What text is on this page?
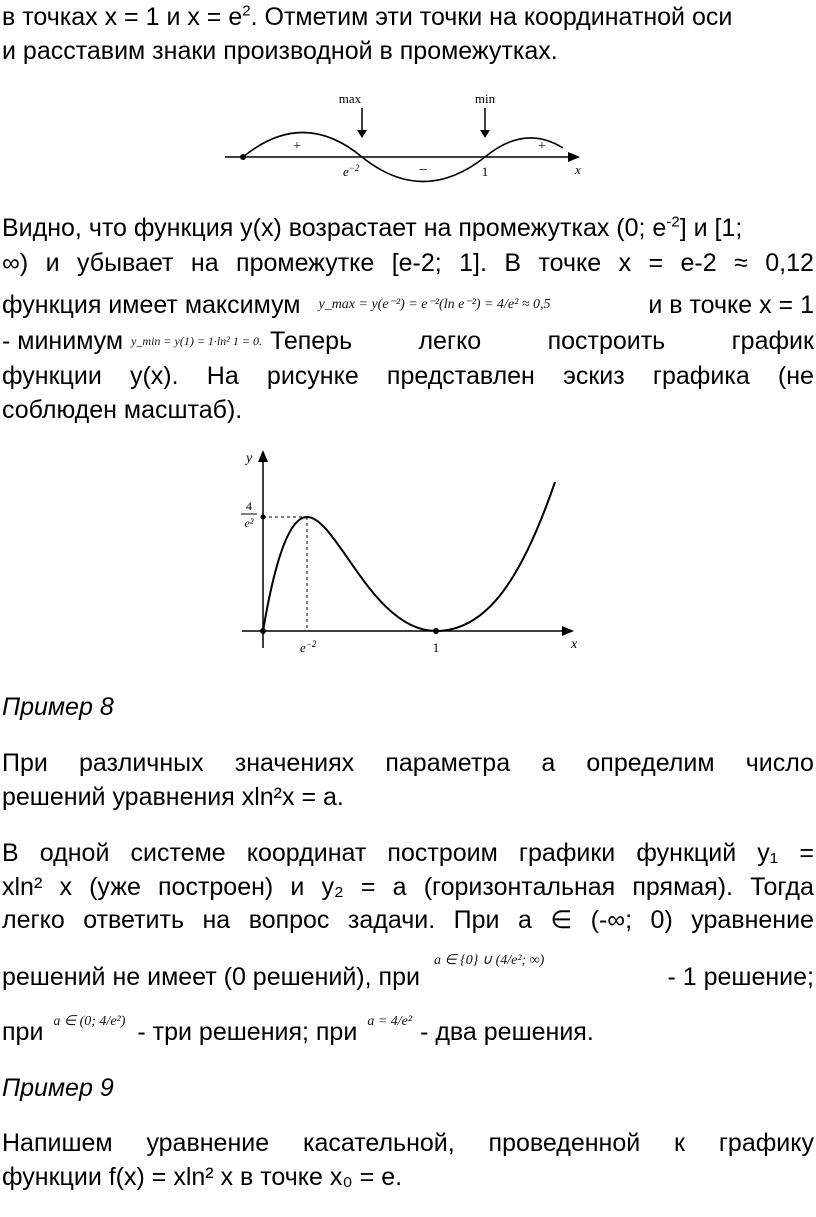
в точках x = 1 и $x = e^2$. Отметим эти точки на координатной оси
и расставим знаки производной в промежутках.
max	min
+
−
+
$e^{-2}$	1	x
Видно, что функция y(x) возрастает на промежутках (0; $e^{-2}$] и [1;
∞) и убывает на промежутке [e-2; 1]. В точке x = e-2 ≈ 0,12
функция имеет максимум y_max = y(e⁻²) = e⁻²(ln e⁻²) = 4/e² ≈ 0,5	и в точке x = 1
- минимум y_min = y(1) = 1·ln² 1 = 0. Теперь	легко	построить	график
функции y(x). На рисунке представлен эскиз графика (не
соблюден масштаб).
y
x
4
e²
$e^{-2}$	1
Пример 8
При различных значениях параметра a определим число
решений уравнения xln²x = a.
В одной системе координат построим графики функций y₁ =
xln² x (уже построен) и y₂ = a (горизонтальная прямая). Тогда
легко ответить на вопрос задачи. При a ∈ (-∞; 0) уравнение
решений не имеет (0 решений), при
a ∈ {0} ∪ (4/e²; ∞)
- 1 решение;
при a ∈ (0; 4/e²) - три решения; при a = 4/e² - два решения.
Пример 9
Напишем уравнение касательной, проведенной к графику
функции f(x) = xln² x в точке x₀ = e.
